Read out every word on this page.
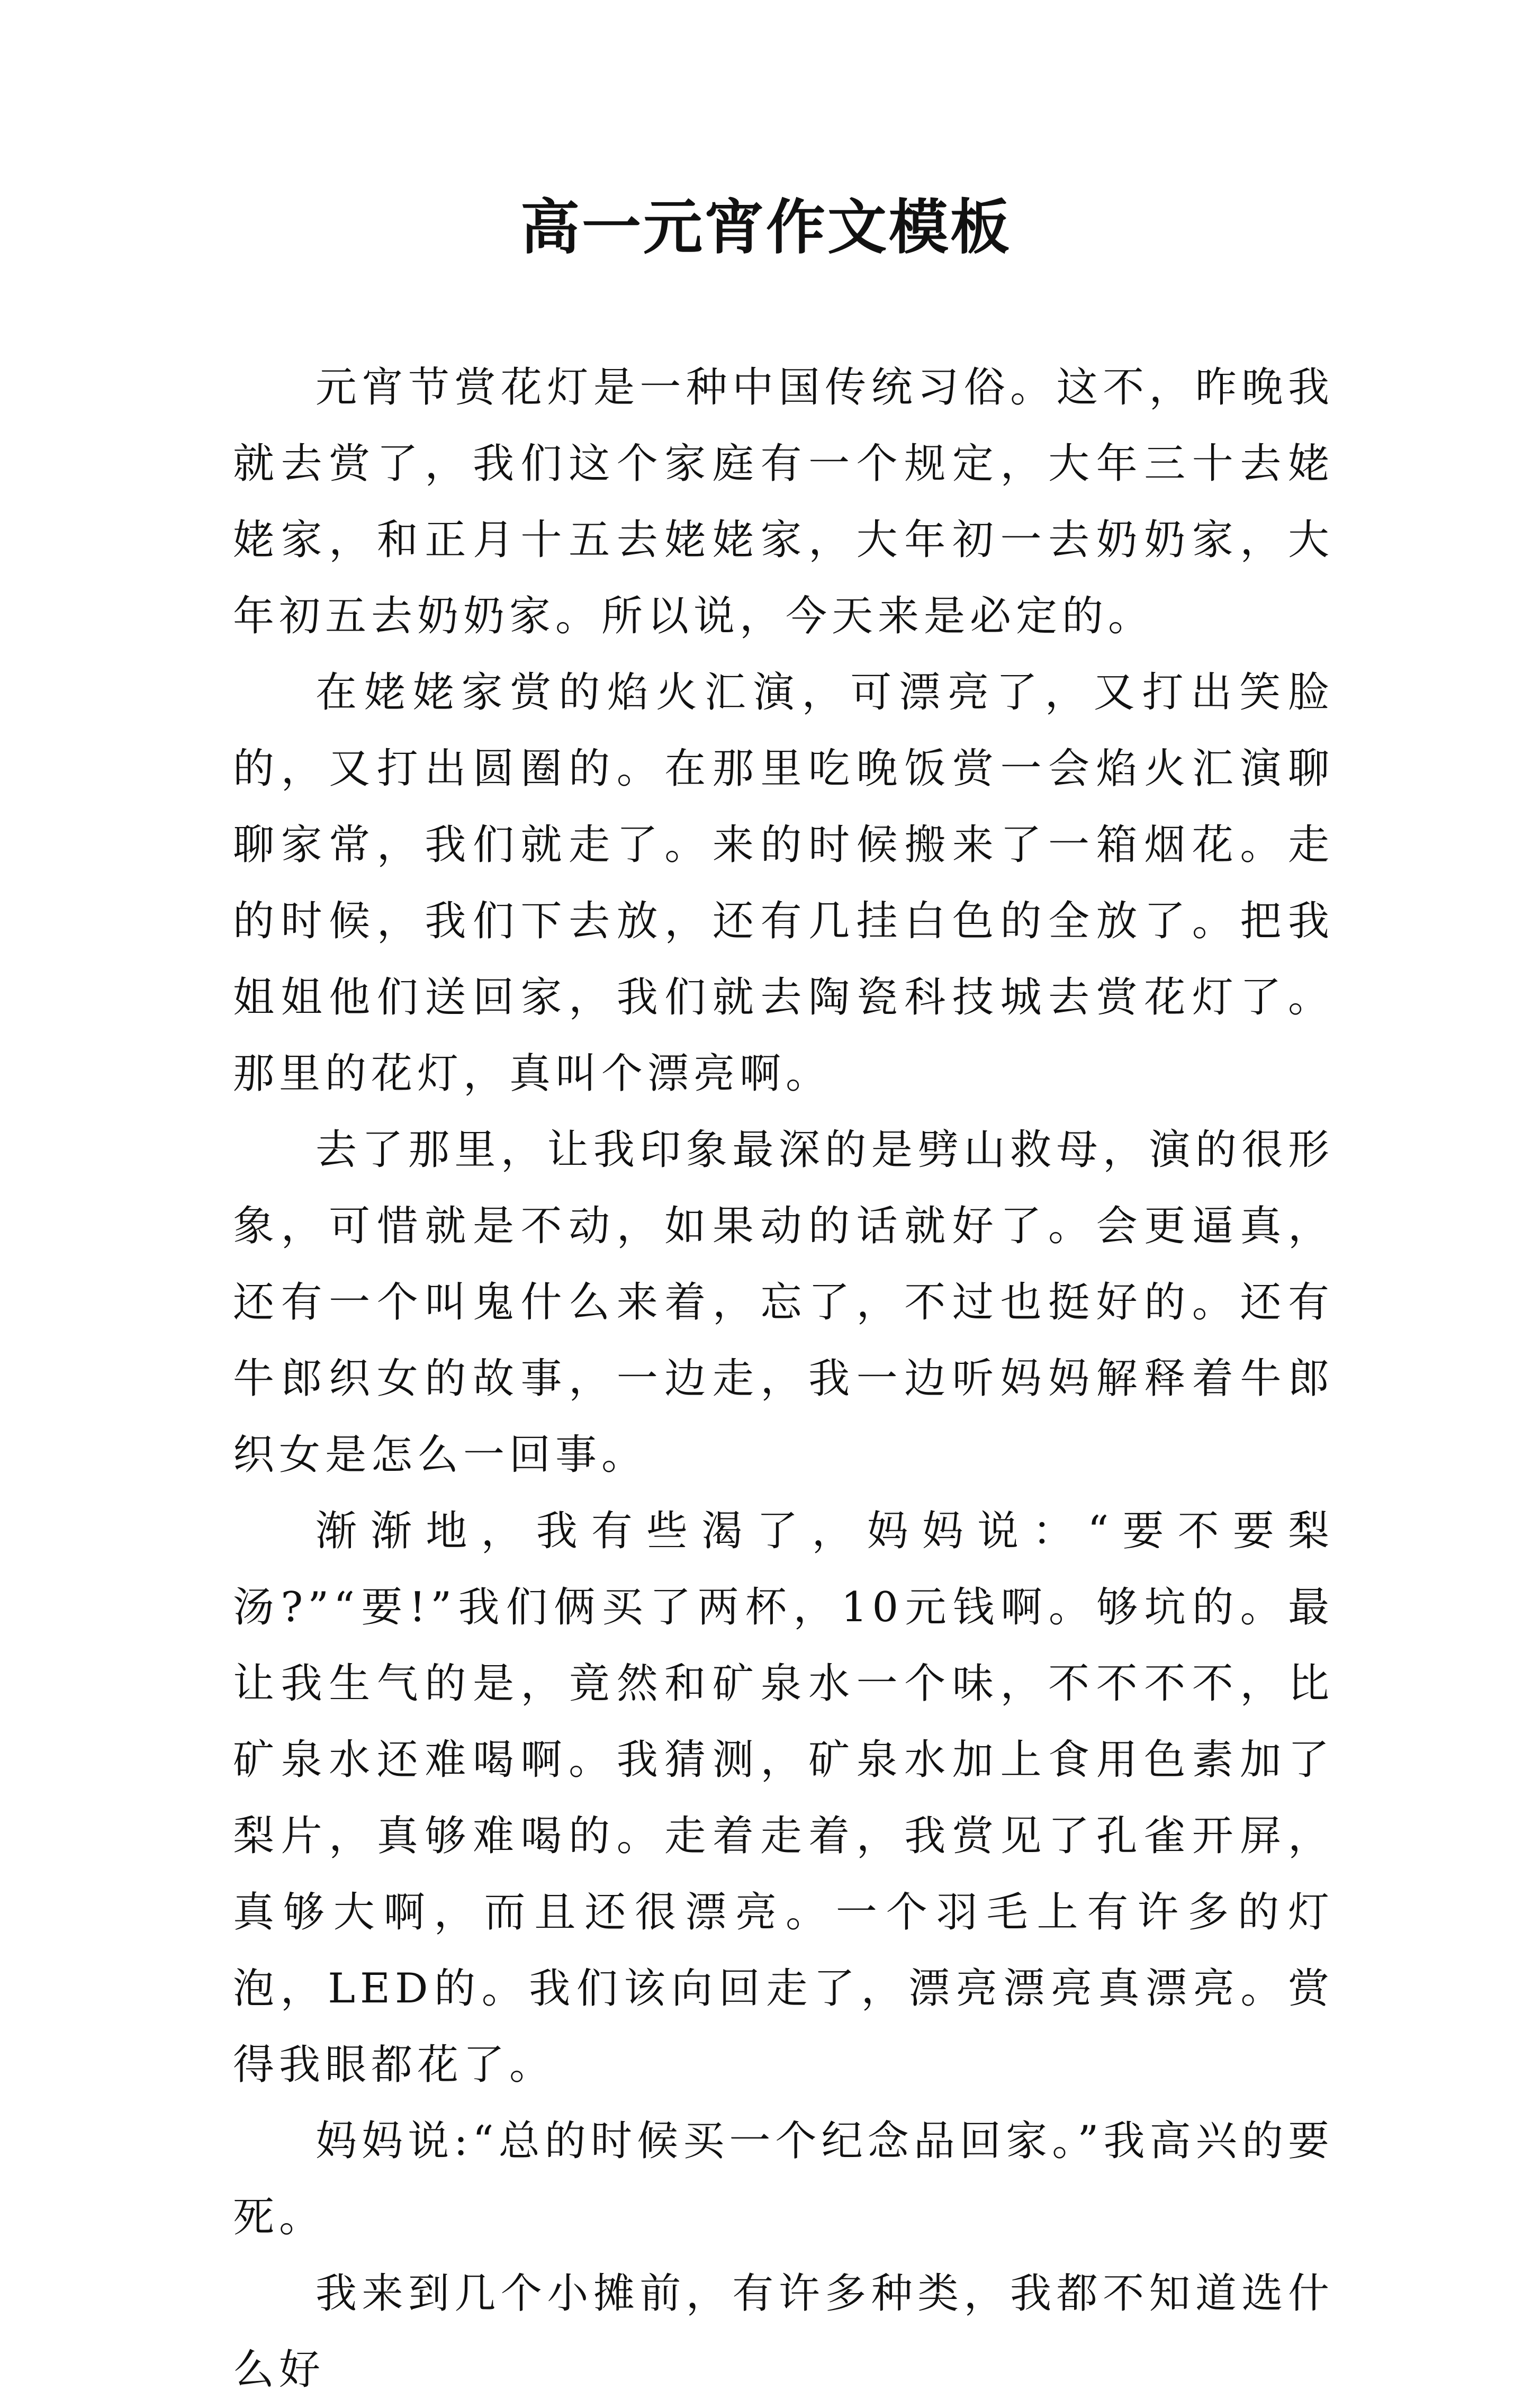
高一元宵作文模板

元宵节赏花灯是一种中国传统习俗。这不，昨晚我就去赏了，我们这个家庭有一个规定，大年三十去姥姥家，和正月十五去姥姥家，大年初一去奶奶家，大年初五去奶奶家。所以说，今天来是必定的。

在姥姥家赏的焰火汇演，可漂亮了，又打出笑脸的，又打出圆圈的。在那里吃晚饭赏一会焰火汇演聊聊家常，我们就走了。来的时候搬来了一箱烟花。走的时候，我们下去放，还有几挂白色的全放了。把我姐姐他们送回家，我们就去陶瓷科技城去赏花灯了。那里的花灯，真叫个漂亮啊。

去了那里，让我印象最深的是劈山救母，演的很形象，可惜就是不动，如果动的话就好了。会更逼真，还有一个叫鬼什么来着，忘了，不过也挺好的。还有牛郎织女的故事，一边走，我一边听妈妈解释着牛郎织女是怎么一回事。

渐渐地，我有些渴了，妈妈说：“要不要梨汤?”“要!”我们俩买了两杯，10元钱啊。够坑的。最让我生气的是，竟然和矿泉水一个味，不不不不，比矿泉水还难喝啊。我猜测，矿泉水加上食用色素加了梨片，真够难喝的。走着走着，我赏见了孔雀开屏，真够大啊，而且还很漂亮。一个羽毛上有许多的灯泡，LED的。我们该向回走了，漂亮漂亮真漂亮。赏得我眼都花了。

妈妈说:“总的时候买一个纪念品回家。”我高兴的要死。

我来到几个小摊前，有许多种类，我都不知道选什么好
